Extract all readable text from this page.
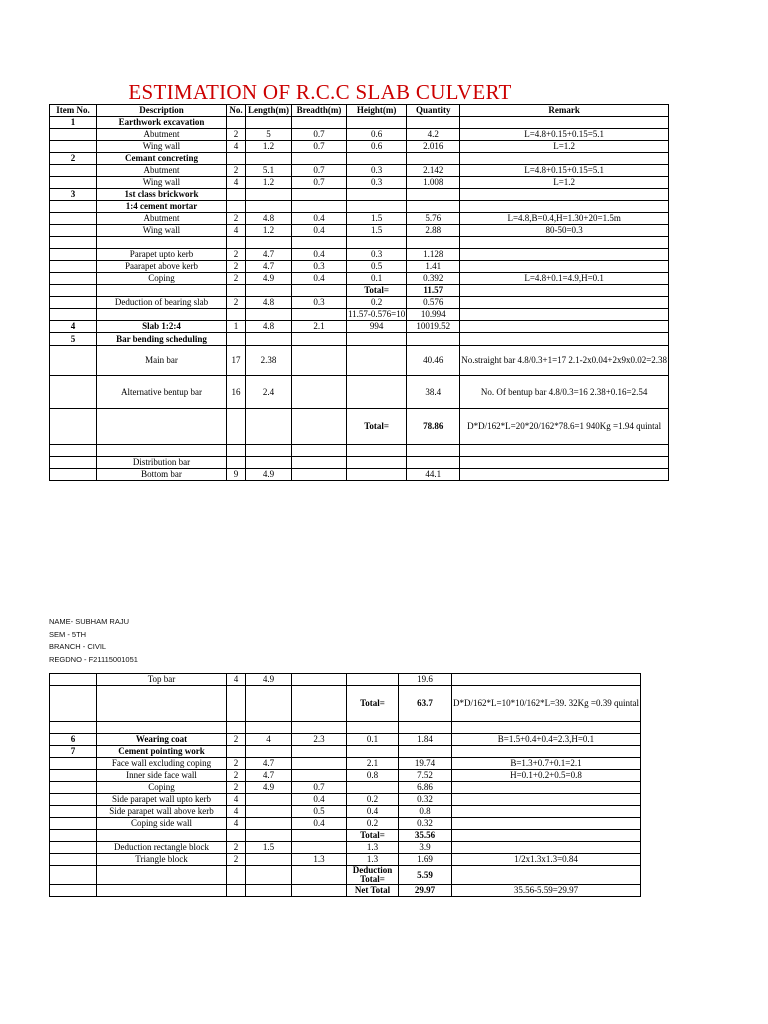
ESTIMATION OF R.C.C SLAB CULVERT
Item No.	Description	No.	Length(m)	Breadth(m)	Height(m)	Quantity	Remark
1	Earthwork excavation						
	Abutment	2	5	0.7	0.6	4.2	L=4.8+0.15+0.15=5.1
	Wing wall	4	1.2	0.7	0.6	2.016	L=1.2
2	Cemant concreting						
	Abutment	2	5.1	0.7	0.3	2.142	L=4.8+0.15+0.15=5.1
	Wing wall	4	1.2	0.7	0.3	1.008	L=1.2
3	1st class brickwork						
	1:4 cement mortar						
	Abutment	2	4.8	0.4	1.5	5.76	L=4.8,B=0.4,H=1.30+20=1.5m
	Wing wall	4	1.2	0.4	1.5	2.88	80-50=0.3

	Parapet upto kerb	2	4.7	0.4	0.3	1.128	
	Paarapet above kerb	2	4.7	0.3	0.5	1.41	
	Coping	2	4.9	0.4	0.1	0.392	L=4.8+0.1=4.9,H=0.1
					Total=	11.57	
	Deduction of bearing slab	2	4.8	0.3	0.2	0.576	
					11.57-0.576=10	10.994	
4	Slab 1:2:4	1	4.8	2.1	994	10019.52	
5	Bar bending scheduling						
	Main bar	17	2.38			40.46	No.straight bar 4.8/0.3+1=17 2.1-2x0.04+2x9x0.02=2.38
	Alternative bentup bar	16	2.4			38.4	No. Of bentup bar 4.8/0.3=16 2.38+0.16=2.54
					Total=	78.86	D*D/162*L=20*20/162*78.6=1 940Kg =1.94 quintal

	Distribution bar						
	Bottom bar	9	4.9			44.1	
NAME- SUBHAM RAJU
SEM - 5TH
BRANCH - CIVIL
REGDNO - F21115001051
	Top bar	4	4.9			19.6	
					Total=	63.7	D*D/162*L=10*10/162*L=39. 32Kg =0.39 quintal

6	Wearing coat	2	4	2.3	0.1	1.84	B=1.5+0.4+0.4=2.3,H=0.1
7	Cement pointing work						
	Face wall excluding coping	2	4.7		2.1	19.74	B=1.3+0.7+0.1=2.1
	Inner side face wall	2	4.7		0.8	7.52	H=0.1+0.2+0.5=0.8
	Coping	2	4.9	0.7		6.86	
	Side parapet wall upto kerb	4		0.4	0.2	0.32	
	Side parapet wall above kerb	4		0.5	0.4	0.8	
	Coping side wall	4		0.4	0.2	0.32	
					Total=	35.56	
	Deduction rectangle block	2	1.5		1.3	3.9	
	Triangle block	2		1.3	1.3	1.69	1/2x1.3x1.3=0.84
					Deduction Total=	5.59	
					Net Total	29.97	35.56-5.59=29.97
